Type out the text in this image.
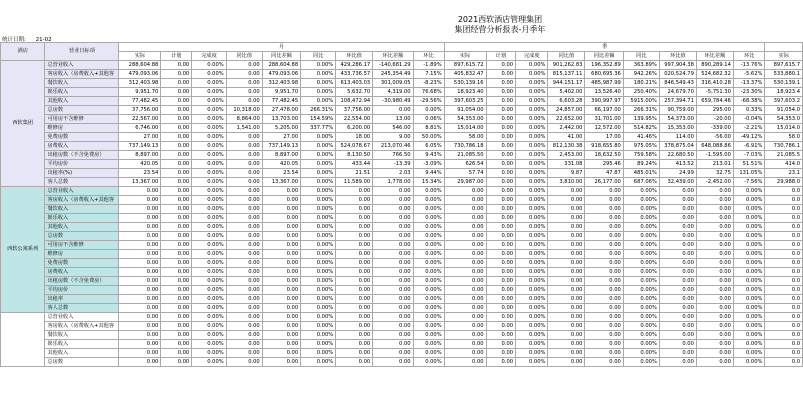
2021西软酒店管理集团
集团经营分析报表-月季年
统计日期: 21-02
酒店	营业日标项	月									季									
		实际	计划	完成度	同比值	同比差额	同比	环比值	环比差额	环比	实际	计划	完成度	同比值	同比差额	同比	环比值	环比差额	环比	实际
西软集团	总营业收入	288,604.88	0.00	0.00%	0.00	288,604.88	0.00%	429,286.17	-140,681.29	-1.89%	897,615.72	0.00	0.00%	901,262.83	196,352.89	363.89%	997,904.38	890,289.14	-13.76%	897,615.7
	客房收入（房费收入+其他客	479,093.06	0.00	0.00%	0.00	479,093.06	0.00%	433,736.57	245,354.49	7.15%	405,832.47	0.00	0.00%	815,137.11	680,695.36	942.26%	020,524.79	524,682.32	-5.62%	533,880.1
	餐饮收入	312,403.98	0.00	0.00%	0.00	312,403.98	0.00%	613,403.03	301,009.05	-8.23%	530,139.16	0.00	0.00%	944,151.17	485,987.99	180.21%	846,549.43	316,410.28	-13.37%	530,139.1
	娱乐收入	9,951.70	0.00	0.00%	0.00	9,951.70	0.00%	5,632.70	4,319.00	76.68%	18,923.40	0.00	0.00%	5,402.00	13,526.40	250.40%	24,679.70	-5,751.30	-23.30%	18,923.4
	其他收入	77,482.45	0.00	0.00%	0.00	77,482.45	0.00%	108,472.94	-30,980.49	-29.56%	397,603.25	0.00	0.00%	6,603.28	390,997.97	5915.00%	257,394.71	659,784.46	-68.38%	397,603.2
	总房数	37,756.00	0.00	0.00%	10,318.00	27,478.00	266.31%	37,756.00	0.00	0.00%	91,054.00	0.00	0.00%	24,857.00	66,197.00	266.31%	90,759.00	295.00	0.33%	91,054.0
	可用房不含维修	22,567.00	0.00	0.00%	8,864.00	13,703.00	154.59%	22,554.00	13.00	0.06%	54,353.00	0.00	0.00%	22,652.00	31,701.00	139.95%	54,373.00	-20.00	-0.04%	54,353.0
	维修房	6,746.00	0.00	0.00%	1,541.00	5,205.00	337.77%	6,200.00	546.00	8.81%	15,014.00	0.00	0.00%	2,442.00	12,572.00	514.82%	15,353.00	-339.00	-2.21%	15,014.0
	免费房数	27.00	0.00	0.00%	0.00	27.00	0.00%	18.00	9.00	50.00%	58.00	0.00	0.00%	41.00	17.00	41.46%	114.00	-56.00	-49.12%	58.0
	房费收入	737,149.13	0.00	0.00%	0.00	737,149.13	0.00%	524,078.67	213,070.46	6.05%	730,786.18	0.00	0.00%	812,130.38	918,655.80	975.05%	378,875.04	648,088.86	-6.91%	730,786.1
	出租房数（不含免费房）	8,897.00	0.00	0.00%	0.00	8,897.00	0.00%	8,130.50	766.50	9.43%	21,085.50	0.00	0.00%	2,453.00	18,632.50	759.58%	22,680.50	-1,595.00	-7.03%	21,085.5
	平均房价	420.05	0.00	0.00%	0.00	420.05	0.00%	433.44	-13.39	-3.09%	626.54	0.00	0.00%	331.08	295.46	89.24%	413.52	213.01	51.51%	414.0
	出租率(%)	23.54	0.00	0.00%	0.00	23.54	0.00%	21.51	2.03	9.44%	57.74	0.00	0.00%	9.87	47.87	485.01%	24.99	32.75	131.05%	23.1
	客人总数	13,367.00	0.00	0.00%	0.00	13,367.00	0.00%	11,589.00	1,778.00	15.34%	29,987.00	0.00	0.00%	3,810.00	26,177.00	687.06%	32,439.00	-2,452.00	-7.56%	29,988.0
西软公寓系列	总营业收入	0.00	0.00	0.00%	0.00	0.00	0.00%	0.00	0.00	0.00%	0.00	0.00	0.00%	0.00	0.00	0.00%	0.00	0.00	0.00%	0.0
	客房收入（房费收入+其他客	0.00	0.00	0.00%	0.00	0.00	0.00%	0.00	0.00	0.00%	0.00	0.00	0.00%	0.00	0.00	0.00%	0.00	0.00	0.00%	0.0
	餐饮收入	0.00	0.00	0.00%	0.00	0.00	0.00%	0.00	0.00	0.00%	0.00	0.00	0.00%	0.00	0.00	0.00%	0.00	0.00	0.00%	0.0
	娱乐收入	0.00	0.00	0.00%	0.00	0.00	0.00%	0.00	0.00	0.00%	0.00	0.00	0.00%	0.00	0.00	0.00%	0.00	0.00	0.00%	0.0
	其他收入	0.00	0.00	0.00%	0.00	0.00	0.00%	0.00	0.00	0.00%	0.00	0.00	0.00%	0.00	0.00	0.00%	0.00	0.00	0.00%	0.0
	总房数	0.00	0.00	0.00%	0.00	0.00	0.00%	0.00	0.00	0.00%	0.00	0.00	0.00%	0.00	0.00	0.00%	0.00	0.00	0.00%	0.0
	可用房不含维修	0.00	0.00	0.00%	0.00	0.00	0.00%	0.00	0.00	0.00%	0.00	0.00	0.00%	0.00	0.00	0.00%	0.00	0.00	0.00%	0.0
	维修房	0.00	0.00	0.00%	0.00	0.00	0.00%	0.00	0.00	0.00%	0.00	0.00	0.00%	0.00	0.00	0.00%	0.00	0.00	0.00%	0.0
	免费房数	0.00	0.00	0.00%	0.00	0.00	0.00%	0.00	0.00	0.00%	0.00	0.00	0.00%	0.00	0.00	0.00%	0.00	0.00	0.00%	0.0
	房费收入	0.00	0.00	0.00%	0.00	0.00	0.00%	0.00	0.00	0.00%	0.00	0.00	0.00%	0.00	0.00	0.00%	0.00	0.00	0.00%	0.0
	出租房数（不含免费房）	0.00	0.00	0.00%	0.00	0.00	0.00%	0.00	0.00	0.00%	0.00	0.00	0.00%	0.00	0.00	0.00%	0.00	0.00	0.00%	0.0
	平均房价	0.00	0.00	0.00%	0.00	0.00	0.00%	0.00	0.00	0.00%	0.00	0.00	0.00%	0.00	0.00	0.00%	0.00	0.00	0.00%	0.0
	出租率	0.00	0.00	0.00%	0.00	0.00	0.00%	0.00	0.00	0.00%	0.00	0.00	0.00%	0.00	0.00	0.00%	0.00	0.00	0.00%	0.0
	客人总数	0.00	0.00	0.00%	0.00	0.00	0.00%	0.00	0.00	0.00%	0.00	0.00	0.00%	0.00	0.00	0.00%	0.00	0.00	0.00%	0.0
	总营业收入	0.00	0.00	0.00%	0.00	0.00	0.00%	0.00	0.00	0.00%	0.00	0.00	0.00%	0.00	0.00	0.00%	0.00	0.00	0.00%	0.0
	客房收入（房费收入+其他客	0.00	0.00	0.00%	0.00	0.00	0.00%	0.00	0.00	0.00%	0.00	0.00	0.00%	0.00	0.00	0.00%	0.00	0.00	0.00%	0.0
	餐饮收入	0.00	0.00	0.00%	0.00	0.00	0.00%	0.00	0.00	0.00%	0.00	0.00	0.00%	0.00	0.00	0.00%	0.00	0.00	0.00%	0.0
	娱乐收入	0.00	0.00	0.00%	0.00	0.00	0.00%	0.00	0.00	0.00%	0.00	0.00	0.00%	0.00	0.00	0.00%	0.00	0.00	0.00%	0.0
	其他收入	0.00	0.00	0.00%	0.00	0.00	0.00%	0.00	0.00	0.00%	0.00	0.00	0.00%	0.00	0.00	0.00%	0.00	0.00	0.00%	0.0
	总房数	0.00	0.00	0.00%	0.00	0.00	0.00%	0.00	0.00	0.00%	0.00	0.00	0.00%	0.00	0.00	0.00%	0.00	0.00	0.00%	0.0
